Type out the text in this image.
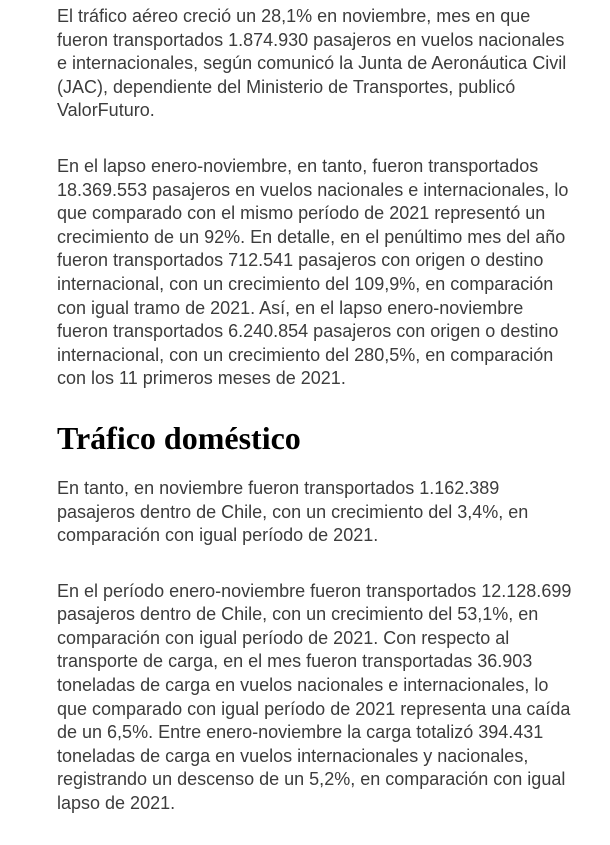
El tráfico aéreo creció un 28,1% en noviembre, mes en que fueron transportados 1.874.930 pasajeros en vuelos nacionales e internacionales, según comunicó la Junta de Aeronáutica Civil (JAC), dependiente del Ministerio de Transportes, publicó ValorFuturo.

En el lapso enero-noviembre, en tanto, fueron transportados 18.369.553 pasajeros en vuelos nacionales e internacionales, lo que comparado con el mismo período de 2021 representó un crecimiento de un 92%. En detalle, en el penúltimo mes del año fueron transportados 712.541 pasajeros con origen o destino internacional, con un crecimiento del 109,9%, en comparación con igual tramo de 2021. Así, en el lapso enero-noviembre fueron transportados 6.240.854 pasajeros con origen o destino internacional, con un crecimiento del 280,5%, en comparación con los 11 primeros meses de 2021.

Tráfico doméstico

En tanto, en noviembre fueron transportados 1.162.389 pasajeros dentro de Chile, con un crecimiento del 3,4%, en comparación con igual período de 2021.

En el período enero-noviembre fueron transportados 12.128.699 pasajeros dentro de Chile, con un crecimiento del 53,1%, en comparación con igual período de 2021. Con respecto al transporte de carga, en el mes fueron transportadas 36.903 toneladas de carga en vuelos nacionales e internacionales, lo que comparado con igual período de 2021 representa una caída de un 6,5%. Entre enero-noviembre la carga totalizó 394.431 toneladas de carga en vuelos internacionales y nacionales, registrando un descenso de un 5,2%, en comparación con igual lapso de 2021.
